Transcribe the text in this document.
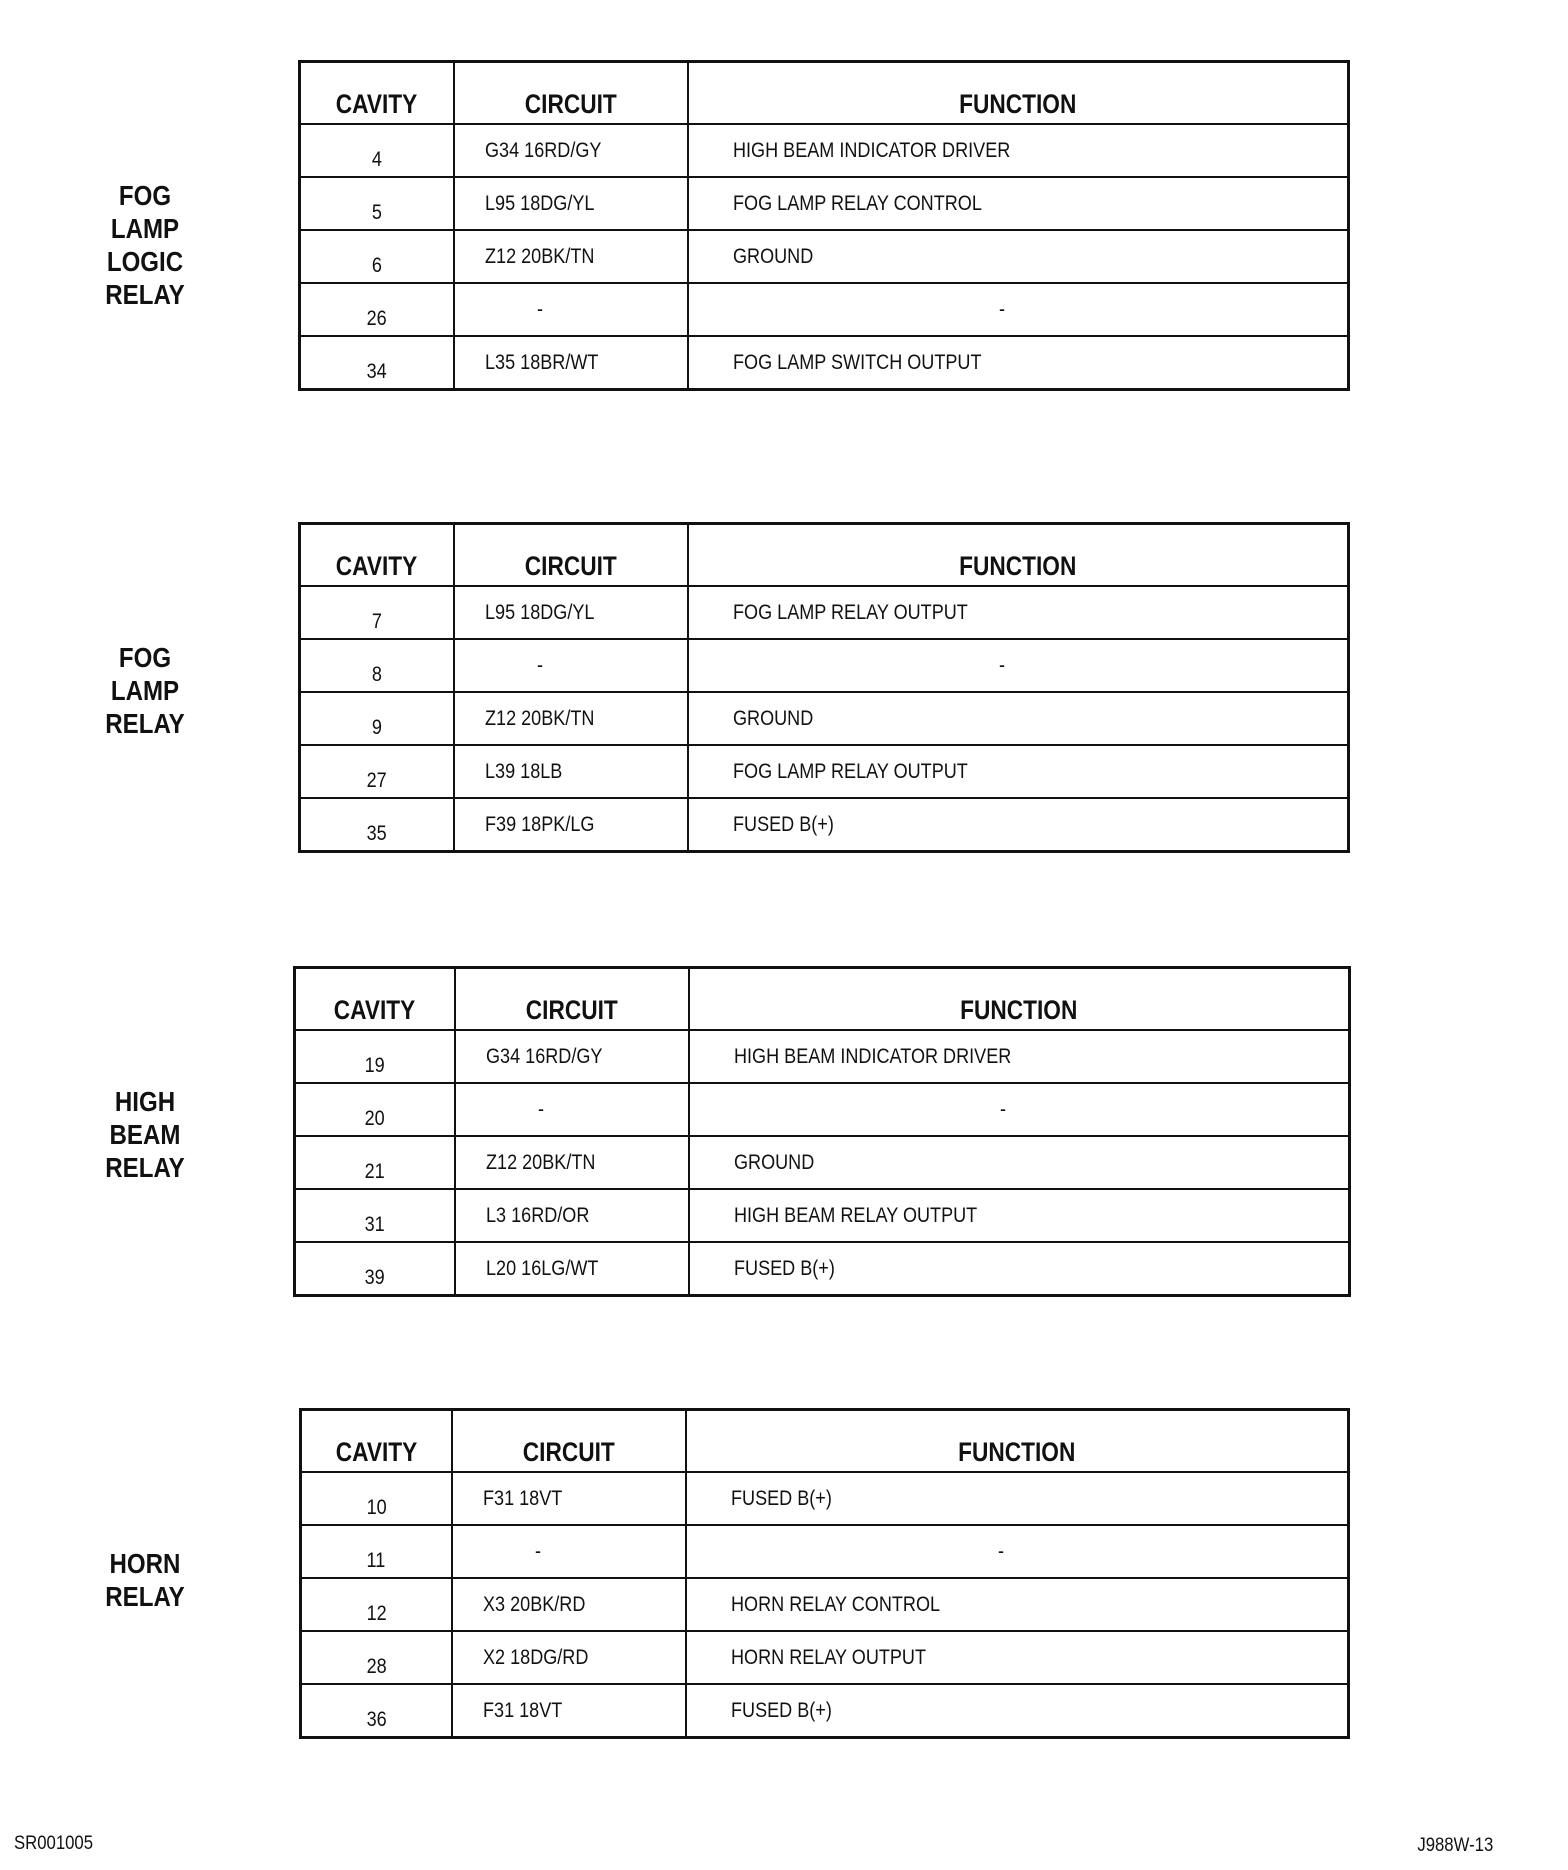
FOG
LAMP
LOGIC
RELAY
CAVITY	CIRCUIT	FUNCTION
4	G34 16RD/GY	HIGH BEAM INDICATOR DRIVER
5	L95 18DG/YL	FOG LAMP RELAY CONTROL
6	Z12 20BK/TN	GROUND
26	-	-
34	L35 18BR/WT	FOG LAMP SWITCH OUTPUT
FOG
LAMP
RELAY
CAVITY	CIRCUIT	FUNCTION
7	L95 18DG/YL	FOG LAMP RELAY OUTPUT
8	-	-
9	Z12 20BK/TN	GROUND
27	L39 18LB	FOG LAMP RELAY OUTPUT
35	F39 18PK/LG	FUSED B(+)
HIGH
BEAM
RELAY
CAVITY	CIRCUIT	FUNCTION
19	G34 16RD/GY	HIGH BEAM INDICATOR DRIVER
20	-	-
21	Z12 20BK/TN	GROUND
31	L3 16RD/OR	HIGH BEAM RELAY OUTPUT
39	L20 16LG/WT	FUSED B(+)
HORN
RELAY
CAVITY	CIRCUIT	FUNCTION
10	F31 18VT	FUSED B(+)
11	-	-
12	X3 20BK/RD	HORN RELAY CONTROL
28	X2 18DG/RD	HORN RELAY OUTPUT
36	F31 18VT	FUSED B(+)
SR001005	J988W-13
